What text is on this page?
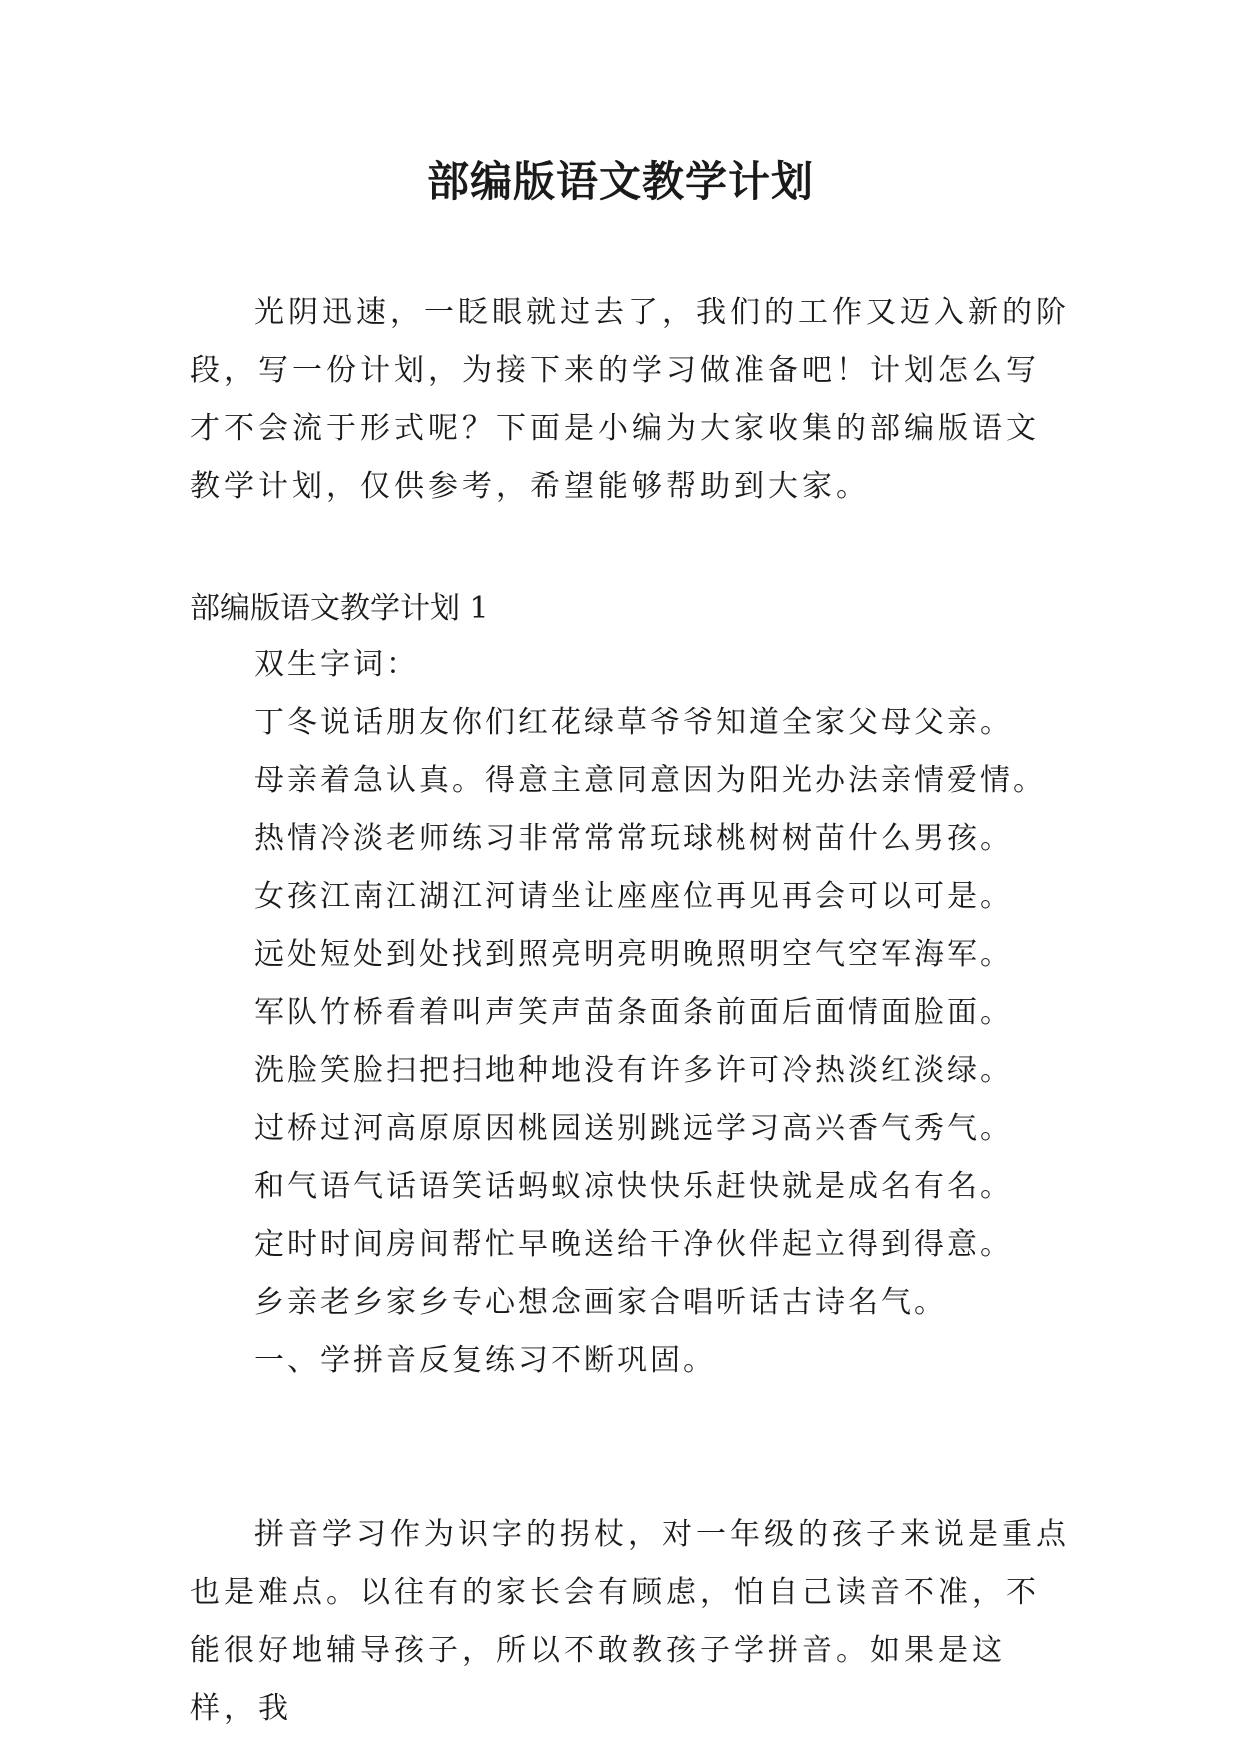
部编版语文教学计划

光阴迅速，一眨眼就过去了，我们的工作又迈入新的阶段，写一份计划，为接下来的学习做准备吧！计划怎么写才不会流于形式呢？下面是小编为大家收集的部编版语文教学计划，仅供参考，希望能够帮助到大家。

部编版语文教学计划 1
双生字词：
丁冬说话朋友你们红花绿草爷爷知道全家父母父亲。
母亲着急认真。得意主意同意因为阳光办法亲情爱情。
热情冷淡老师练习非常常常玩球桃树树苗什么男孩。
女孩江南江湖江河请坐让座座位再见再会可以可是。
远处短处到处找到照亮明亮明晚照明空气空军海军。
军队竹桥看着叫声笑声苗条面条前面后面情面脸面。
洗脸笑脸扫把扫地种地没有许多许可冷热淡红淡绿。
过桥过河高原原因桃园送别跳远学习高兴香气秀气。
和气语气话语笑话蚂蚁凉快快乐赶快就是成名有名。
定时时间房间帮忙早晚送给干净伙伴起立得到得意。
乡亲老乡家乡专心想念画家合唱听话古诗名气。
一、学拼音反复练习不断巩固。

拼音学习作为识字的拐杖，对一年级的孩子来说是重点也是难点。以往有的家长会有顾虑，怕自己读音不准，不能很好地辅导孩子，所以不敢教孩子学拼音。如果是这样，我
